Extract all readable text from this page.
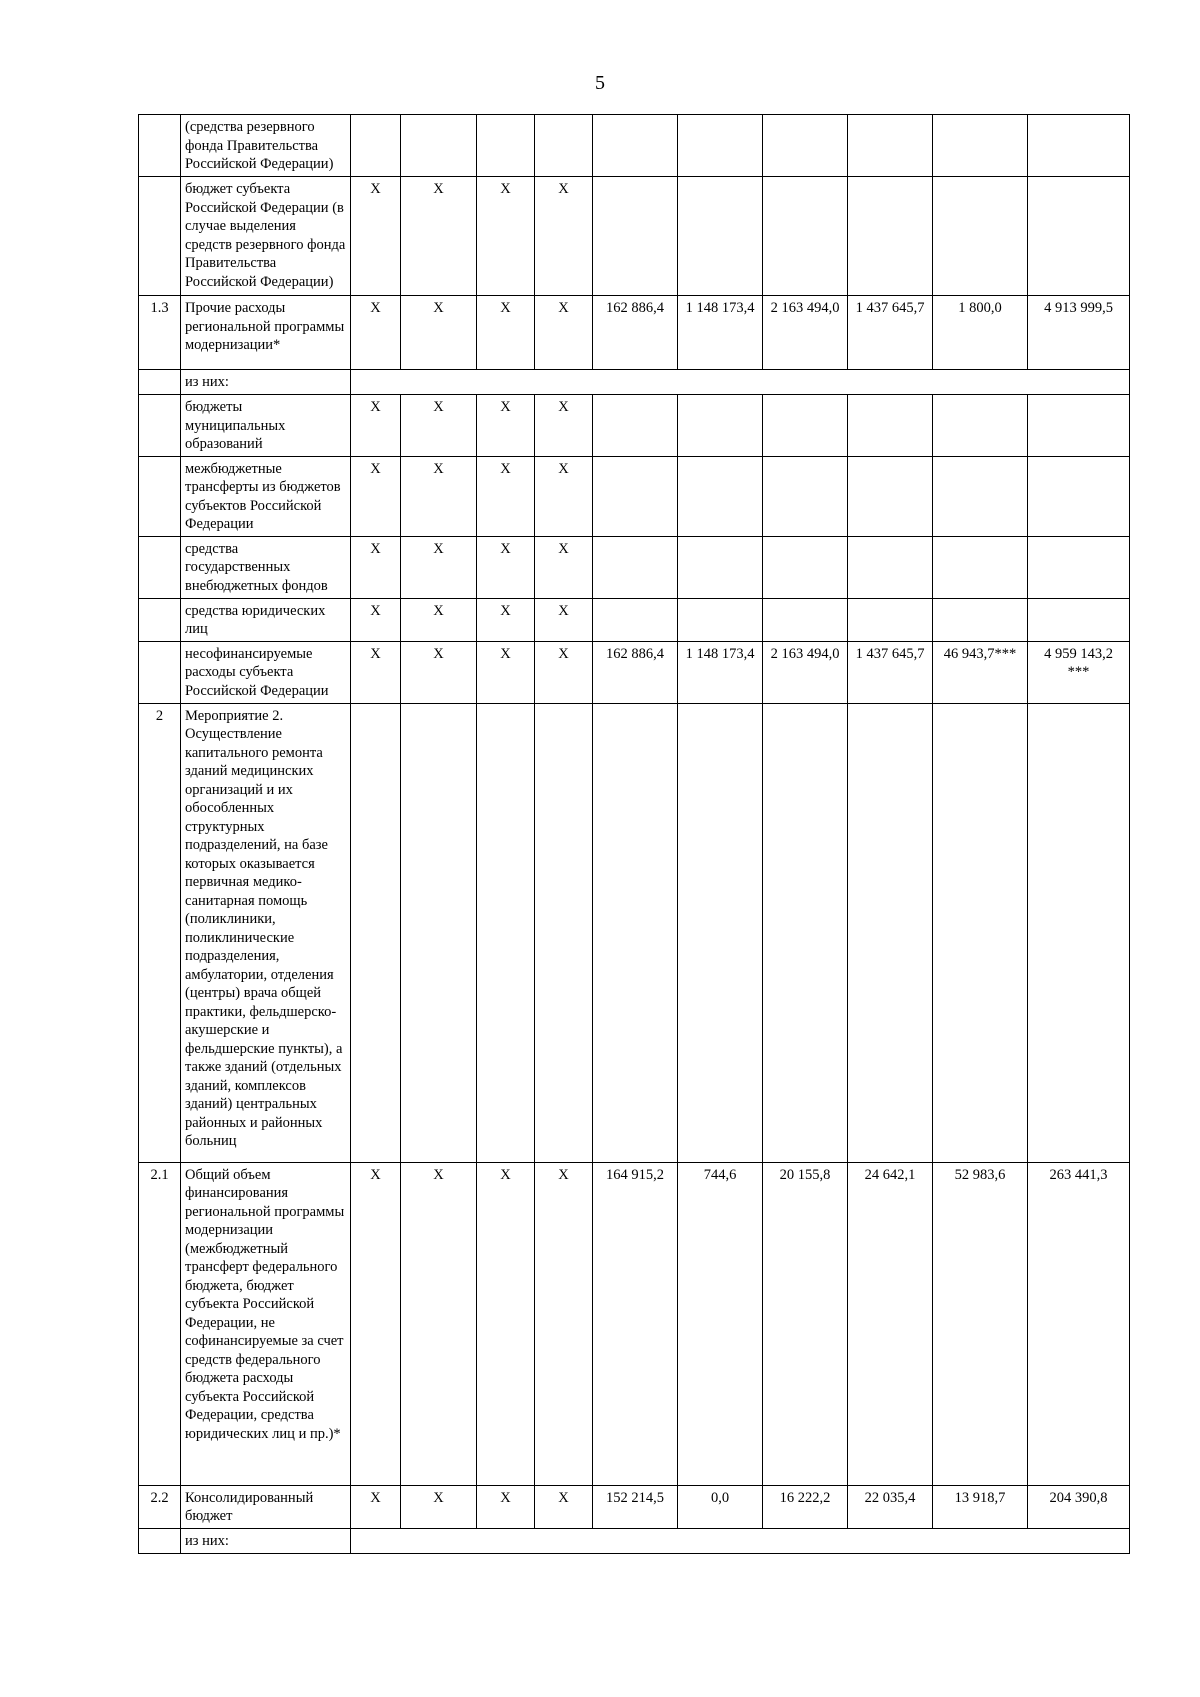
5
	(средства резервного фонда Правительства Российской Федерации)										
	бюджет субъекта Российской Федерации (в случае выделения средств резервного фонда Правительства Российской Федерации)	X	X	X	X						
1.3	Прочие расходы региональной программы модернизации*	X	X	X	X	162 886,4	1 148 173,4	2 163 494,0	1 437 645,7	1 800,0	4 913 999,5
	из них:										
	бюджеты муниципальных образований	X	X	X	X						
	межбюджетные трансферты из бюджетов субъектов Российской Федерации	X	X	X	X						
	средства государственных внебюджетных фондов	X	X	X	X						
	средства юридических лиц	X	X	X	X						
	несофинансируемые расходы субъекта Российской Федерации	X	X	X	X	162 886,4	1 148 173,4	2 163 494,0	1 437 645,7	46 943,7***	4 959 143,2 ***
2	Мероприятие 2. Осуществление капитального ремонта зданий медицинских организаций и их обособленных структурных подразделений, на базе которых оказывается первичная медико-санитарная помощь (поликлиники, поликлинические подразделения, амбулатории, отделения (центры) врача общей практики, фельдшерско-акушерские и фельдшерские пункты), а также зданий (отдельных зданий, комплексов зданий) центральных районных и районных больниц										
2.1	Общий объем финансирования региональной программы модернизации (межбюджетный трансферт федерального бюджета, бюджет субъекта Российской Федерации, не софинансируемые за счет средств федерального бюджета расходы субъекта Российской Федерации, средства юридических лиц и пр.)*	X	X	X	X	164 915,2	744,6	20 155,8	24 642,1	52 983,6	263 441,3
2.2	Консолидированный бюджет	X	X	X	X	152 214,5	0,0	16 222,2	22 035,4	13 918,7	204 390,8
	из них:										
